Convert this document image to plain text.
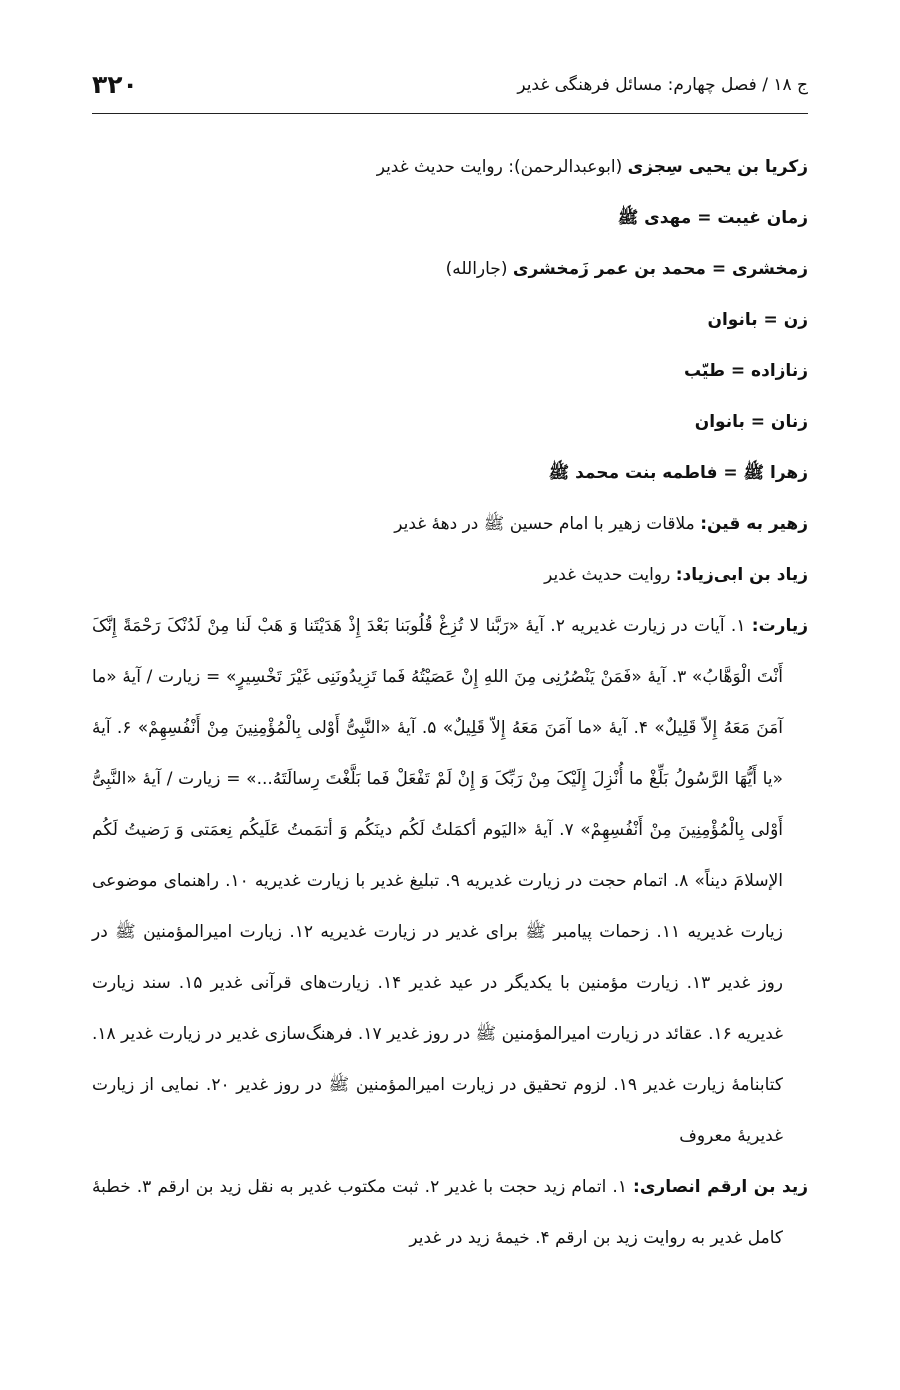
ج ۱۸ / فصل چهارم: مسائل فرهنگی غدیر
۳۲۰

زکریا بن یحیی سِجزی (ابوعبدالرحمن): روایت حدیث غدیر

زمان غیبت = مهدی ﷺ

زمخشری = محمد بن عمر زَمخشری (جارالله)

زن = بانوان

زنازاده = طیّب

زنان = بانوان

زهرا ﷺ = فاطمه بنت محمد ﷺ

زهیر به قین: ملاقات زهیر با امام حسین ﷺ در دههٔ غدیر

زیاد بن ابی‌زیاد: روایت حدیث غدیر

زیارت: ۱. آیات در زیارت غدیریه ۲. آیهٔ «رَبَّنا لا تُزِغْ قُلُوبَنا بَعْدَ إِذْ هَدَیْتَنا وَ هَبْ لَنا مِنْ لَدُنْکَ رَحْمَةً إِنَّکَ أَنْتَ الْوَهَّابُ» ۳. آیهٔ «فَمَنْ یَنْصُرُنِی مِنَ اللهِ إِنْ عَصَیْتُهُ فَما تَزِیدُونَنِی غَیْرَ تَخْسِیرٍ» = زیارت / آیهٔ «ما آمَنَ مَعَهُ إِلاّ قَلِیلٌ» ۴. آیهٔ «ما آمَنَ مَعَهُ إِلاّ قَلِیلٌ» ۵. آیهٔ «النَّبِیُّ أَوْلی بِالْمُؤْمِنِینَ مِنْ أَنْفُسِهِمْ» ۶. آیهٔ «یا أَیُّهَا الرَّسُولُ بَلِّغْ ما أُنْزِلَ إِلَیْکَ مِنْ رَبِّکَ وَ إِنْ لَمْ تَفْعَلْ فَما بَلَّغْتَ رِسالَتَهُ...» = زیارت / آیهٔ «النَّبِیُّ أَوْلی بِالْمُؤْمِنِینَ مِنْ أَنْفُسِهِمْ» ۷. آیهٔ «الیَوم أکمَلتُ لَکُم دینَکُم وَ أتمَمتُ عَلَیکُم نِعمَتی وَ رَضیتُ لَکُم الإسلامَ دیناً» ۸. اتمام حجت در زیارت غدیریه ۹. تبلیغ غدیر با زیارت غدیریه ۱۰. راهنمای موضوعی زیارت غدیریه ۱۱. زحمات پیامبر ﷺ برای غدیر در زیارت غدیریه ۱۲. زیارت امیرالمؤمنین ﷺ در روز غدیر ۱۳. زیارت مؤمنین با یکدیگر در عید غدیر ۱۴. زیارت‌های قرآنی غدیر ۱۵. سند زیارت غدیریه ۱۶. عقائد در زیارت امیرالمؤمنین ﷺ در روز غدیر ۱۷. فرهنگ‌سازی غدیر در زیارت غدیر ۱۸. کتابنامهٔ زیارت غدیر ۱۹. لزوم تحقیق در زیارت امیرالمؤمنین ﷺ در روز غدیر ۲۰. نمایی از زیارت غدیریهٔ معروف

زید بن ارقم انصاری: ۱. اتمام زید حجت با غدیر ۲. ثبت مکتوب غدیر به نقل زید بن ارقم ۳. خطبهٔ کامل غدیر به روایت زید بن ارقم ۴. خیمهٔ زید در غدیر
